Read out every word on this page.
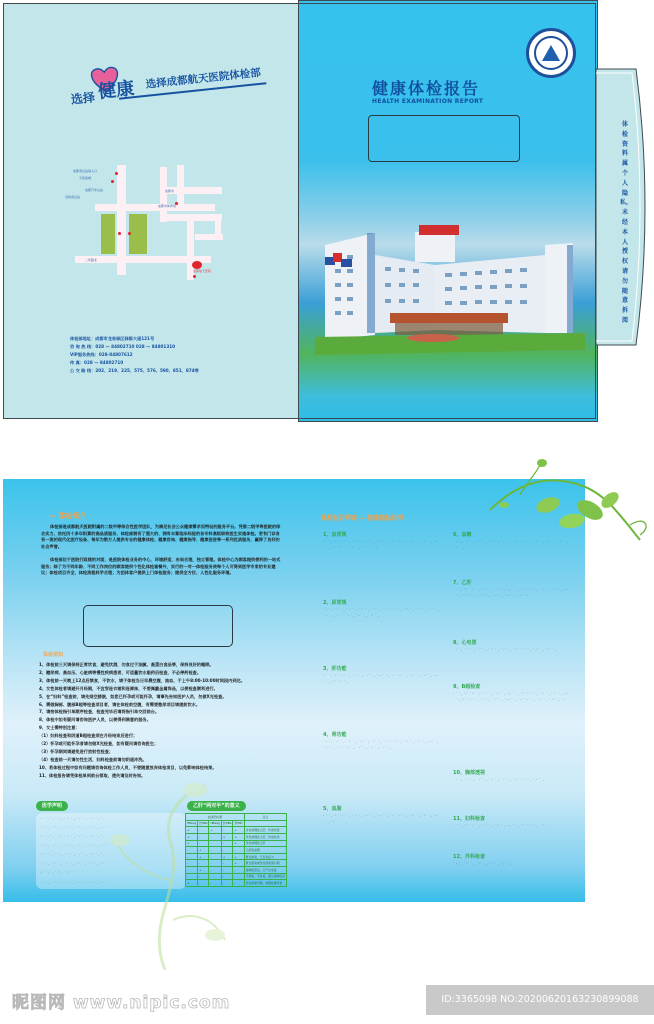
选择 健康 选择成都航天医院体检部
成都客运站南入口
天府星城
成都汽车总站
双桥客运站
二环路北
成都市
成都市体育场
成都航天医院
体检部地址：成都市龙泉驿区驿都大道121号
咨 询 热 线：028 — 84802710 028 — 84801310
VIP服务热线：028-84807612
传 真：028 — 84802710
公 交 路 线：202、219、225、575、576、590、851、874等
健康体检报告
HEALTH EXAMINATION REPORT
体检资料属个人隐私，未经本人授权请勿随意拆阅
— 体检简介
体检部是成都航天医院附属的二级甲等综合性医学团队，为满足社会公众健康需求而特设的服务平台。凭借二级甲等医院的综合实力、依托四十多年积累的高品质服务、体检部拥有了强大的、拥有丰富临床经验的各专科高级职称医生实施体检。更有门诊各有一流的现代化医疗设备、每年为数万人提供专业的健康体检、健康咨询、健康指导、健康促进等一系列优质服务，赢得了良好的社会声誉。
体检部位于医院行政楼的对面，是医院体检业务的中心，环境舒适，布局合理，独立管理。体检中心为顾客提供便利的一站式服务；除了为不同年龄、不同工作岗位的顾客提供个性化体检套餐外，实行的一对一体检服务使每个人可得到医学专家的专业建议；体检项目齐全，体检流程科学合理；为团体客户提供上门体检服务；提供全方位、人性化服务环境。
体检须知
1、体检前三天请保持正常饮食，避免饮酒，勿食过于油腻、高蛋白食品等，保持良好的睡眠。
2、糖尿病、高血压、心脏病等慢性疾病患者，可适量饮水服药后检查，不必停药检查。
3、体检前一天晚上12点后禁食，不饮水，请于体检当日早晨空腹，抽血、于上午8:00-10:00时间段内到达。
4、女性体检者请避开月经期，不宜穿连衣裙和连裤袜，不要佩戴金属饰品，以便检查顺利进行。
5、在“妇科”检查前，请先排空膀胱，如您已怀孕或可能怀孕，请事先告知医护人员，勿做X光检查。
6、需做胸部、腹部B超等检查项目者，请在体检前空腹，有需要憋尿项目请提前饮水。
7、请按体检指引单顺序检查，检查完毕后请将指引单交回前台。
8、体检中如有疑问请咨询医护人员，以便得到满意的服务。
9、女士需特别注意：
（1）妇科检查和阴道B超检查须在月经结束后进行；
（2）怀孕或可能怀孕者请勿做X光检查，如有疑问请咨询医生；
（3）怀孕期间请避免进行放射性检查；
（4）检查前一天请勿性生活，妇科检查前请勿阴道冲洗。
10、若体检过程中如有问题请咨询体检工作人员，不要随意放弃体检项目，以免影响体检结果。
11、体检报告请凭体检单到前台领取，遗失请及时告知。
医学声明
· ˙ ˙ ·˙ . ˙ ˙· . ˙ ·˙ ˙ . ˙ ·˙ ˙ . ˙ ·˙ ˙ . ˙·
˙ · ˙ . ˙ ·˙ ˙ . ˙ ·˙ ˙ . ˙ ·˙ ˙ . ˙ ·˙ ˙ . ˙ ·˙ ˙
· ˙ ˙ ·˙ . ˙ ˙· . ˙ ·˙ ˙ . ˙ ·˙ ˙ . ˙ ·˙ ˙ . ˙·
˙ · ˙ . ˙ ·˙ ˙ . ˙ ·˙ ˙ . ˙ ·˙ ˙ . ˙ ·˙ ˙ . ˙ ·˙ ˙
· ˙ ˙ ·˙ . ˙ ˙· . ˙ ·˙ ˙ . ˙ ·˙ ˙ . ˙ ·˙ ˙ . ˙·
˙ · ˙ . ˙ ·˙ ˙ . ˙ ·˙ ˙ . ˙ ·˙ ˙ . ˙ ·˙ ˙ . ˙ ·˙ ˙
· ˙ ˙ ·˙ . ˙ ˙· . ˙ ·˙ ˙
˙ · ˙ . ˙ ·˙ ˙ . ˙ ·˙ ˙ . ˙ ·˙ ˙ . ˙ ·˙ ˙ . ˙ ·˙ ˙
乙肝“两对半”的意义
血清学检测					意义
HBsAg	抗HBs	HBeAg	抗HBe	抗HBc	
+	-	+	-	+	急性或慢性乙肝，传染性强
+	-	-	+	+	急性或慢性乙肝，传染性弱
+	-	-	-	+	急性或慢性乙肝
-	+	-	-	-	乙肝恢复期
-	+	-	+	+	既往感染，已有免疫力
-	-	-	-	+	既往感染或急性感染窗口期
-	+	-	-	-	接种疫苗后，已产生免疫
-	-	-	-	-	无感染，无免疫，建议接种疫苗
+	-	-	-	-	急性感染早期，或慢性携带者
体检报告解读 — 健康指标说明
1、血常规
· ˙ ˙ . ˙·˙ ˙ ·˙ ˙ . ˙ ·˙ ˙ . ˙ ·˙ ˙ . ˙· · ˙ ˙ . ˙·˙ ˙ ·˙ ˙ . ˙ ·˙ ˙ . ˙ ·˙ ˙ . ˙· · ˙ ˙ . ˙·˙ ˙ ·˙ ˙ . ˙ ·˙ ˙ . ˙ ·˙ ˙ . ˙·
2、尿常规
˙ · ˙ . ˙ ·˙ ˙ . ˙ ·˙ ˙ . ˙ ·˙ ˙ . ˙ ·˙ ˙ . ˙ ·˙ ˙ ˙ · ˙ . ˙ ·˙ ˙ . ˙ ·˙ ˙ . ˙ ·˙ ˙ . ˙ ·˙ ˙ . ˙ ·˙ ˙ ˙ · ˙ . ˙ ·˙ ˙ . ˙ ·˙ ˙ .
3、肝功能
· ˙ ˙ . ˙·˙ ˙ ·˙ ˙ . ˙ ·˙ ˙ . ˙ ·˙ ˙ . ˙· · ˙ ˙ . ˙·˙ ˙ ·˙ ˙ . ˙ ·˙ ˙ . ˙ ·˙ ˙ . ˙· · ˙ ˙ . ˙·˙ ˙ ·˙ ˙ .
4、肾功能
˙ · ˙ . ˙ ·˙ ˙ . ˙ ·˙ ˙ . ˙ ·˙ ˙ . ˙ ·˙ ˙ . ˙ ·˙ ˙ ˙ · ˙ . ˙ ·˙ ˙ . ˙ ·˙ ˙ . ˙ ·˙ ˙ . ˙ ·˙ ˙ . ˙ ·˙ ˙ ˙ · ˙ . ˙ ·˙ ˙ . ˙ ·˙ ˙ . ˙ ·˙ ˙ .
5、血脂
· ˙ ˙ . ˙·˙ ˙ ·˙ ˙ . ˙ ·˙ ˙ . ˙ ·˙ ˙ . ˙· · ˙ ˙ . ˙·˙ ˙ ·˙ ˙ . ˙ ·˙ ˙ . ˙ ·˙ ˙ . ˙· · ˙ ˙ . ˙·
6、血糖
˙ · ˙ . ˙ ·˙ ˙ . ˙ ·˙ ˙ . ˙ ·˙ ˙ . ˙ ·˙ ˙ . ˙ ·˙ ˙ ˙ · ˙ . ˙ ·˙ ˙ . ˙ ·˙ ˙ . ˙ ·˙ ˙ . ˙ ·˙ ˙ .
7、乙肝
· ˙ ˙ . ˙·˙ ˙ ·˙ ˙ . ˙ ·˙ ˙ . ˙ ·˙ ˙ . ˙· · ˙ ˙ . ˙·˙ ˙ ·˙ ˙ . ˙ ·˙ ˙ . ˙ ·˙ ˙ . ˙· · ˙ ˙ . ˙·˙ ˙ ·˙ ˙ . ˙ ·˙ ˙ . ˙ ·˙ ˙ . ˙· · ˙ ˙ . ˙·˙ ˙ ·˙
8、心电图
˙ · ˙ . ˙ ·˙ ˙ . ˙ ·˙ ˙ . ˙ ·˙ ˙ . ˙ ·˙ ˙ . ˙ ·˙ ˙ ˙ · ˙ . ˙ ·˙ ˙ . ˙ ·˙ ˙ .
9、B超检查
· ˙ ˙ . ˙·˙ ˙ ·˙ ˙ . ˙ ·˙ ˙ . ˙ ·˙ ˙ . ˙· · ˙ ˙ . ˙·˙ ˙ ·˙ ˙ . ˙ ·˙ ˙ . ˙ ·˙ ˙ . ˙· · ˙ ˙ . ˙·˙ ˙ ·˙ ˙ . ˙ ·˙ ˙ . ˙ ·˙ ˙ . ˙· · ˙ ˙ . ˙·˙ ˙ ·˙ ˙ . ˙ ·˙ ˙ . ˙ ·˙ ˙ . ˙·
10、胸部透视
˙ · ˙ . ˙ ·˙ ˙ . ˙ ·˙ ˙ . ˙ ·˙ ˙ . ˙ ·˙ ˙ . ˙ ·˙ ˙ ˙ · ˙ . ˙ ·˙ ˙ .
11、妇科检查
· ˙ ˙ . ˙·˙ ˙ ·˙ ˙ . ˙ ·˙ ˙ . ˙ ·˙ ˙ . ˙· · ˙ ˙ . ˙·˙ ˙ ·˙ ˙ . ˙ ·˙ ˙ .
12、外科检查
˙ · ˙ . ˙ ·˙ ˙ . ˙ ·˙ ˙ . ˙ ·˙ ˙ . ˙ ·˙ ˙ .
昵图网 www.nipic.com	ID:3365098 NO:20200620163230899088
